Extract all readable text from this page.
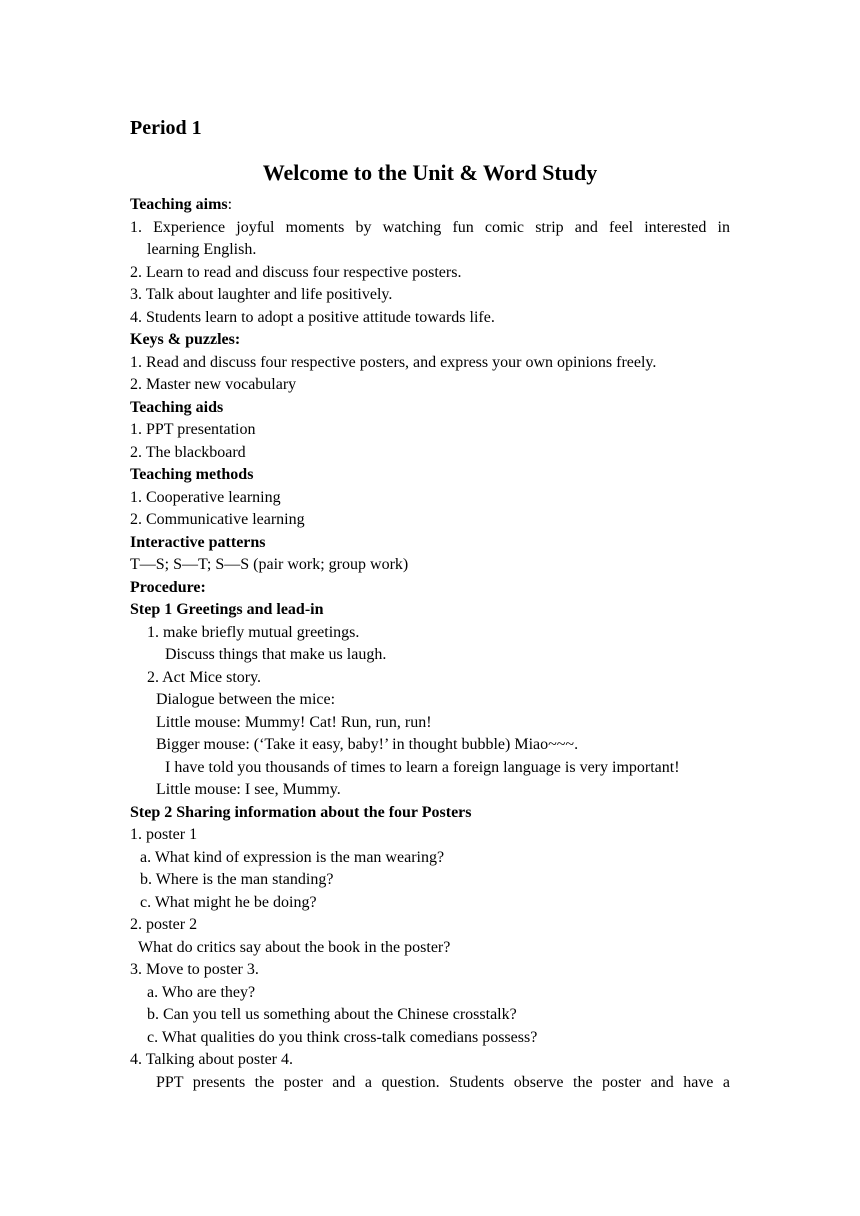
Period 1
Welcome to the Unit & Word Study
Teaching aims:
1. Experience joyful moments by watching fun comic strip and feel interested in
learning English.
2. Learn to read and discuss four respective posters.
3. Talk about laughter and life positively.
4. Students learn to adopt a positive attitude towards life.
Keys & puzzles:
1. Read and discuss four respective posters, and express your own opinions freely.
2. Master new vocabulary
Teaching aids
1. PPT presentation
2. The blackboard
Teaching methods
1. Cooperative learning
2. Communicative learning
Interactive patterns
T—S; S—T; S—S (pair work; group work)
Procedure:
Step 1 Greetings and lead-in
1. make briefly mutual greetings.
Discuss things that make us laugh.
2. Act Mice story.
Dialogue between the mice:
Little mouse: Mummy! Cat! Run, run, run!
Bigger mouse: (‘Take it easy, baby!’ in thought bubble) Miao~~~.
I have told you thousands of times to learn a foreign language is very important!
Little mouse: I see, Mummy.
Step 2 Sharing information about the four Posters
1. poster 1
a. What kind of expression is the man wearing?
b. Where is the man standing?
c. What might he be doing?
2. poster 2
What do critics say about the book in the poster?
3. Move to poster 3.
a. Who are they?
b. Can you tell us something about the Chinese crosstalk?
c. What qualities do you think cross-talk comedians possess?
4. Talking about poster 4.
PPT presents the poster and a question. Students observe the poster and have a
